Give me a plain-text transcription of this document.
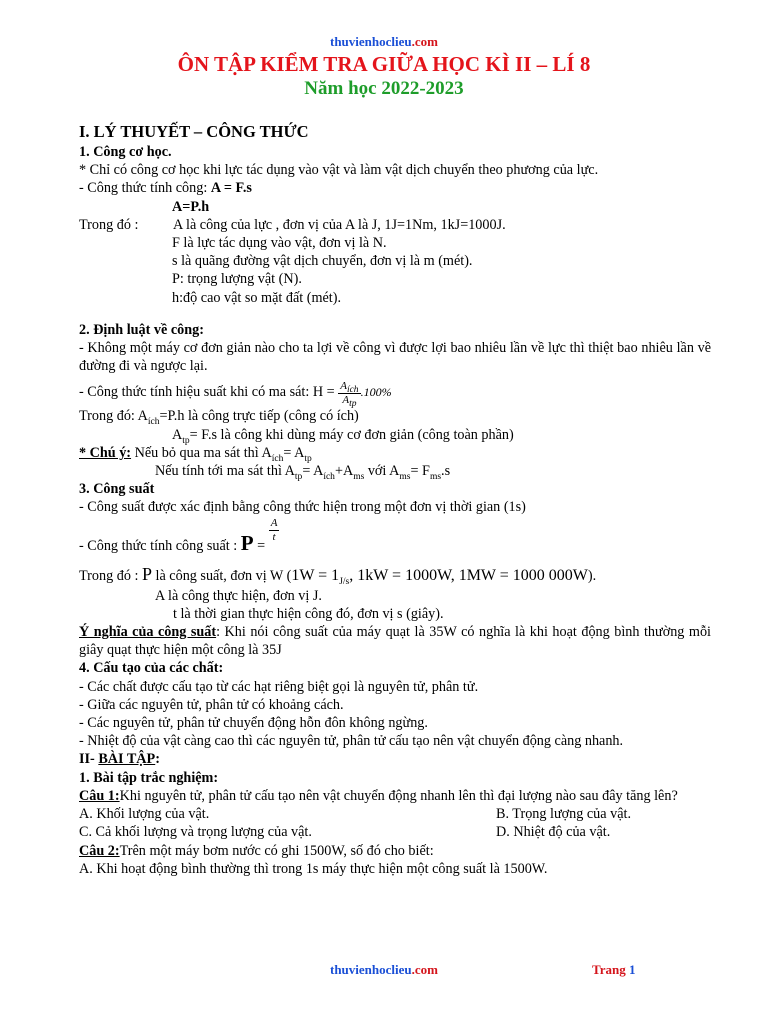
thuvienhoclieu.com
ÔN TẬP KIỂM TRA GIỮA HỌC KÌ II – LÍ 8
Năm học 2022-2023

I. LÝ THUYẾT – CÔNG THỨC

1. Công cơ học.

* Chỉ có công cơ học khi lực tác dụng vào vật và làm vật dịch chuyển theo phương của lực.

- Công thức tính công: A = F.s

A=P.h

Trong đó : A là công của lực , đơn vị của A là J, 1J=1Nm, 1kJ=1000J.

F là lực tác dụng vào vật, đơn vị là N.

s là quãng đường vật dịch chuyển, đơn vị là m (mét).

P: trọng lượng vật (N).

h:độ cao vật so mặt đất (mét).

2. Định luật về công:

- Không một máy cơ đơn giản nào cho ta lợi về công vì được lợi bao nhiêu lần về lực thì thiệt bao nhiêu lần về đường đi và ngược lại.

- Công thức tính hiệu suất khi có ma sát: $H = \frac{A_{ích}}{A_{tp}} .100\%$

Trong đó: $A_{ích}=P.h$ là công trực tiếp (công có ích)

$A_{tp}= F.s$ là công khi dùng máy cơ đơn giản (công toàn phần)

* Chú ý: Nếu bỏ qua ma sát thì $A_{ích}= A_{tp}$

Nếu tính tới ma sát thì $A_{tp}= A_{ích}+A_{ms}$ với $A_{ms}= F_{ms}.s$

3. Công suất

- Công suất được xác định bằng công thức hiện trong một đơn vị thời gian (1s)

- Công thức tính công suất : P =
$\frac{A}{t}$

Trong đó : P là công suất, đơn vị W ($1W = 1_{J/s}$, 1kW = 1000W, 1MW = 1000 000W).

A là công thực hiện, đơn vị J.

t là thời gian thực hiện công đó, đơn vị s (giây).

Ý nghĩa của công suất: Khi nói công suất của máy quạt là 35W có nghĩa là khi hoạt động bình thường mỗi giây quạt thực hiện một công là 35J

4. Cấu tạo của các chất:

- Các chất được cấu tạo từ các hạt riêng biệt gọi là nguyên tử, phân tử.

- Giữa các nguyên tử, phân tử có khoảng cách.

- Các nguyên tử, phân tử chuyển động hỗn đôn không ngừng.

- Nhiệt độ của vật càng cao thì các nguyên tử, phân tử cấu tạo nên vật chuyển động càng nhanh.

II- BÀI TẬP:

1. Bài tập trắc nghiệm:

Câu 1:Khi nguyên tử, phân tử cấu tạo nên vật chuyển động nhanh lên thì đại lượng nào sau đây tăng lên?

A. Khối lượng của vật.	B. Trọng lượng của vật.
C. Cả khối lượng và trọng lượng của vật.	D. Nhiệt độ của vật.

Câu 2:Trên một máy bơm nước có ghi 1500W, số đó cho biết:

A. Khi hoạt động bình thường thì trong 1s máy thực hiện một công suất là 1500W.

thuvienhoclieu.com	Trang 1
